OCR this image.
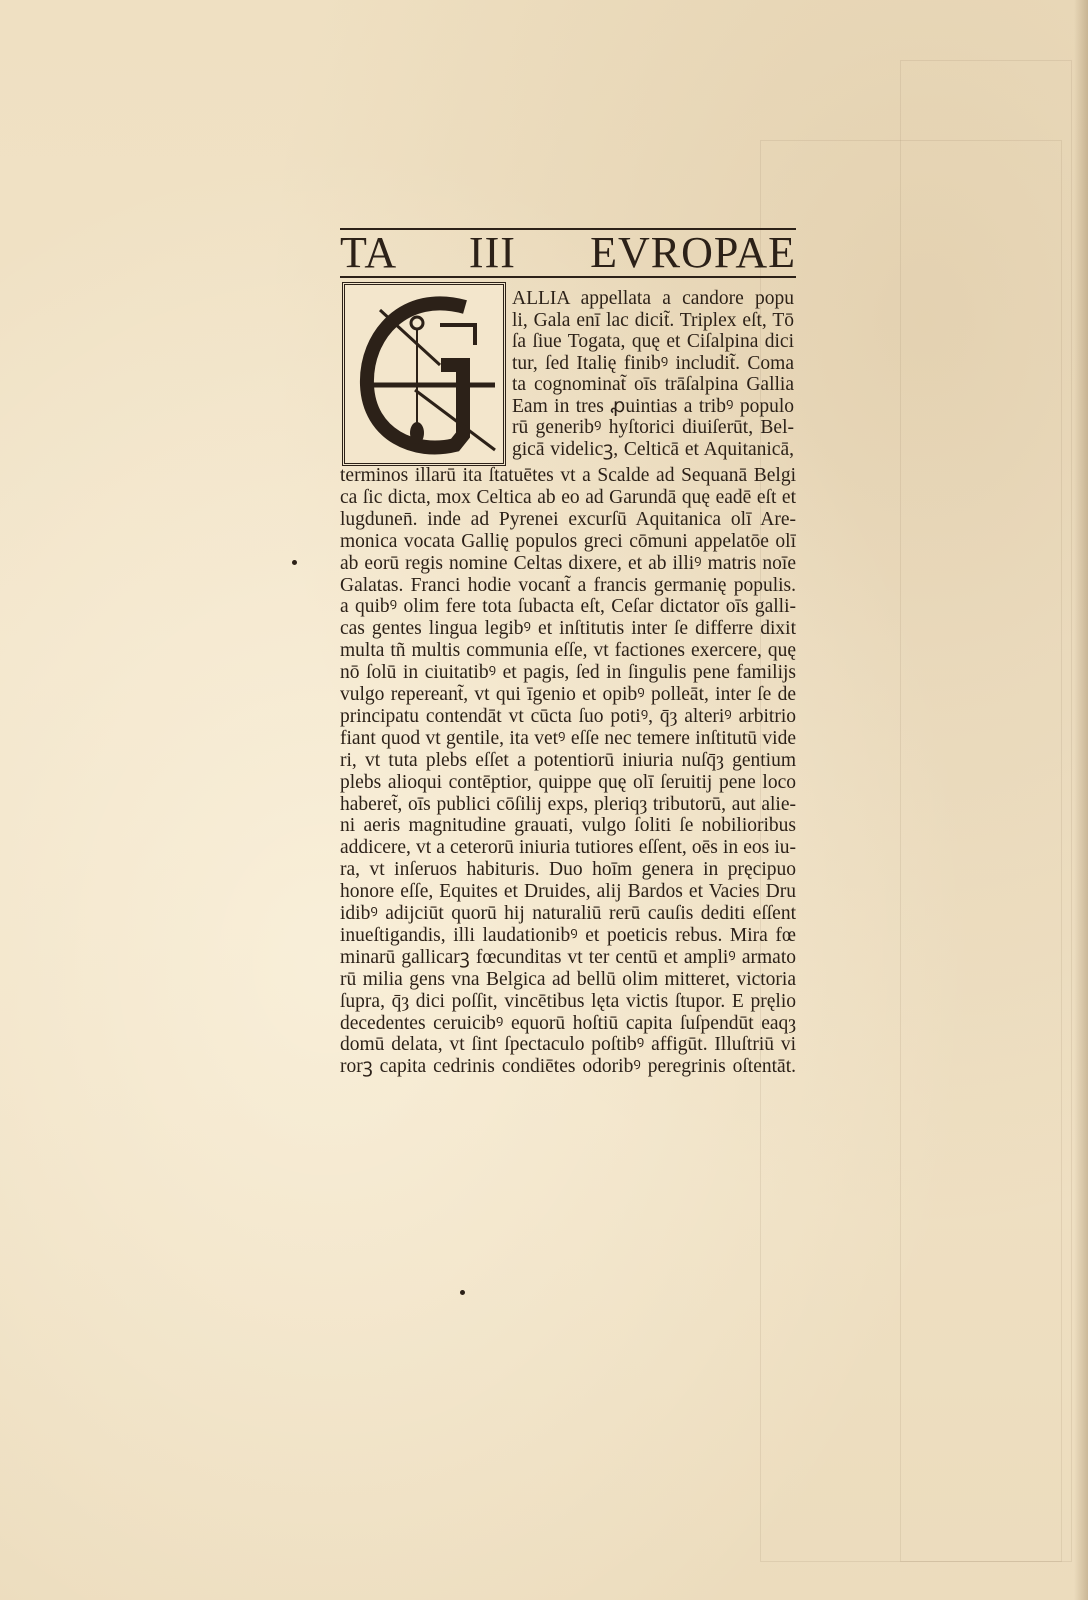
TA III EVROPAE
G	ALLIA appellata a candore popu
li, Gala enī lac dicit̃. Triplex eſt, Tō
ſa ſiue Togata, quę et Ciſalpina dici
tur, ſed Italię finibꝰ includit̃. Coma
ta cognominat̃ oīs trāſalpina Gallia
Eam in tres ꝓuintias a tribꝰ populo
rū generibꝰ hyſtorici diuiſerūt, Bel-
gicā videlicꝫ, Celticā et Aquitanicā,
terminos illarū ita ſtatuētes vt a Scalde ad Sequanā Belgi
ca ſic dicta, mox Celtica ab eo ad Garundā quę eadē eſt et
lugdunen̄. inde ad Pyrenei excurſū Aquitanica olī Are-
monica vocata Gallię populos greci cōmuni appelatōe olī
ab eorū regis nomine Celtas dixere, et ab illiꝰ matris noīe
Galatas. Franci hodie vocant̃ a francis germanię populis.
a quibꝰ olim fere tota ſubacta eſt, Ceſar dictator oīs galli-
cas gentes lingua legibꝰ et inſtitutis inter ſe differre dixit
multa tñ multis communia eſſe, vt factiones exercere, quę
nō ſolū in ciuitatibꝰ et pagis, ſed in ſingulis pene familijs
vulgo repereant̃, vt qui īgenio et opibꝰ polleāt, inter ſe de
principatu contendāt vt cūcta ſuo potiꝰ, q̄ȝ alteriꝰ arbitrio
fiant quod vt gentile, ita vetꝰ eſſe nec temere inſtitutū vide
ri, vt tuta plebs eſſet a potentiorū iniuria nuſq̄ȝ gentium
plebs alioqui contēptior, quippe quę olī ſeruitij pene loco
haberet̃, oīs publici cōſilij exps, pleriqȝ tributorū, aut alie-
ni aeris magnitudine grauati, vulgo ſoliti ſe nobilioribus
addicere, vt a ceterorū iniuria tutiores eſſent, oēs in eos iu-
ra, vt inſeruos habituris. Duo hoīm genera in pręcipuo
honore eſſe, Equites et Druides, alij Bardos et Vacies Dru
idibꝰ adijciūt quorū hij naturaliū rerū cauſis dediti eſſent
inueſtigandis, illi laudationibꝰ et poeticis rebus. Mira fœ
minarū gallicarꝫ fœcunditas vt ter centū et ampliꝰ armato
rū milia gens vna Belgica ad bellū olim mitteret, victoria
ſupra, q̄ȝ dici poſſit, vincētibus lęta victis ſtupor. E pręlio
decedentes ceruicibꝰ equorū hoſtiū capita ſuſpendūt eaqȝ
domū delata, vt ſint ſpectaculo poſtibꝰ affigūt. Illuſtriū vi
rorꝫ capita cedrinis condiētes odoribꝰ peregrinis oſtentāt.
